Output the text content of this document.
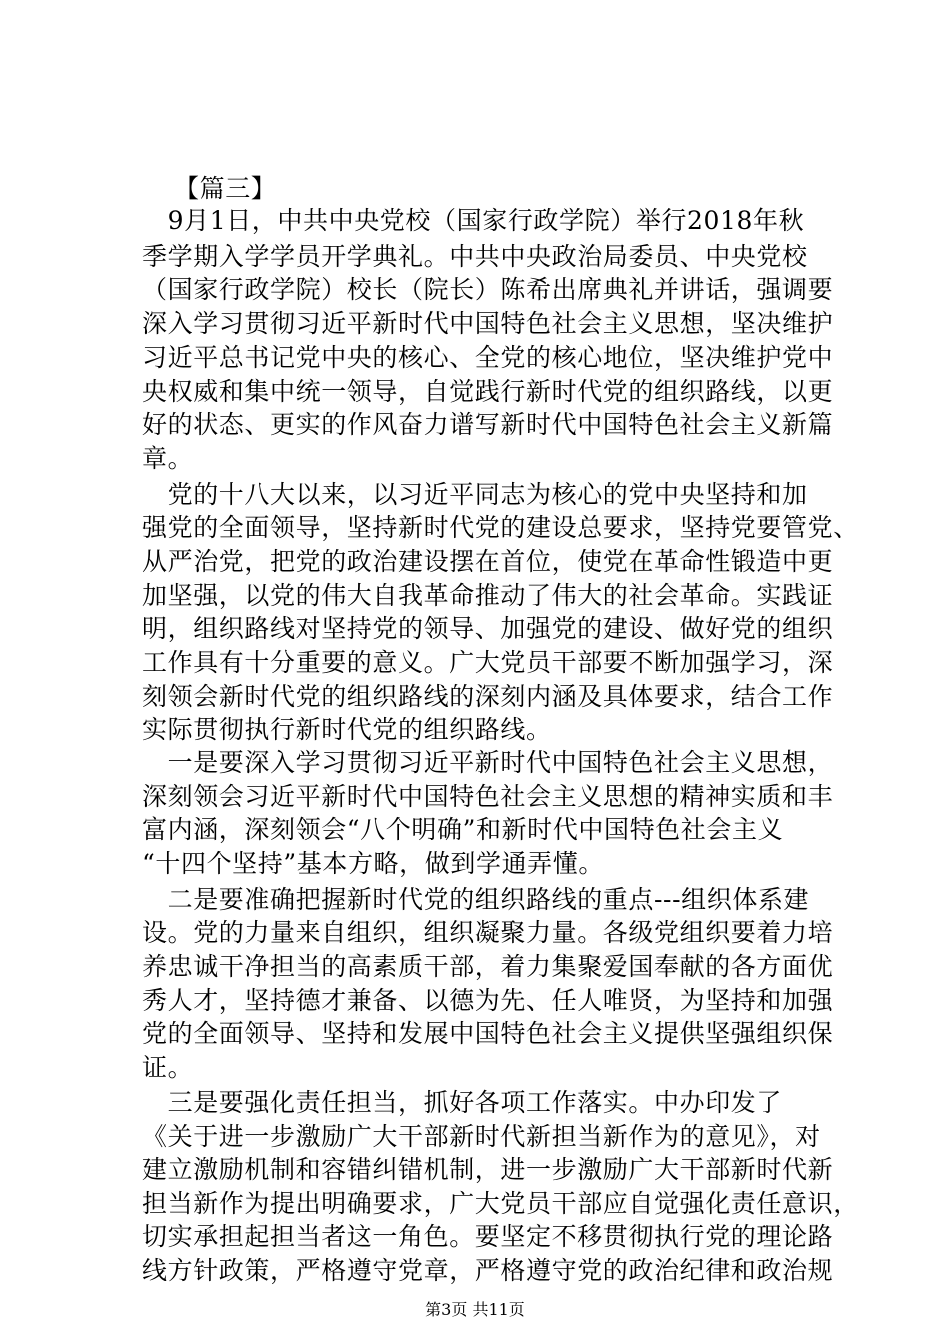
【篇三】
　9月1日，中共中央党校（国家行政学院）举行2018年秋
季学期入学学员开学典礼。中共中央政治局委员、中央党校
（国家行政学院）校长（院长）陈希出席典礼并讲话，强调要
深入学习贯彻习近平新时代中国特色社会主义思想，坚决维护
习近平总书记党中央的核心、全党的核心地位，坚决维护党中
央权威和集中统一领导，自觉践行新时代党的组织路线，以更
好的状态、更实的作风奋力谱写新时代中国特色社会主义新篇
章。
　党的十八大以来，以习近平同志为核心的党中央坚持和加
强党的全面领导，坚持新时代党的建设总要求，坚持党要管党、
从严治党，把党的政治建设摆在首位，使党在革命性锻造中更
加坚强，以党的伟大自我革命推动了伟大的社会革命。实践证
明，组织路线对坚持党的领导、加强党的建设、做好党的组织
工作具有十分重要的意义。广大党员干部要不断加强学习，深
刻领会新时代党的组织路线的深刻内涵及具体要求，结合工作
实际贯彻执行新时代党的组织路线。
　一是要深入学习贯彻习近平新时代中国特色社会主义思想，
深刻领会习近平新时代中国特色社会主义思想的精神实质和丰
富内涵，深刻领会“八个明确”和新时代中国特色社会主义
“十四个坚持”基本方略，做到学通弄懂。
　二是要准确把握新时代党的组织路线的重点---组织体系建
设。党的力量来自组织，组织凝聚力量。各级党组织要着力培
养忠诚干净担当的高素质干部，着力集聚爱国奉献的各方面优
秀人才，坚持德才兼备、以德为先、任人唯贤，为坚持和加强
党的全面领导、坚持和发展中国特色社会主义提供坚强组织保
证。
　三是要强化责任担当，抓好各项工作落实。中办印发了
《关于进一步激励广大干部新时代新担当新作为的意见》，对
建立激励机制和容错纠错机制，进一步激励广大干部新时代新
担当新作为提出明确要求，广大党员干部应自觉强化责任意识，
切实承担起担当者这一角色。要坚定不移贯彻执行党的理论路
线方针政策，严格遵守党章，严格遵守党的政治纪律和政治规
第3页 共11页
